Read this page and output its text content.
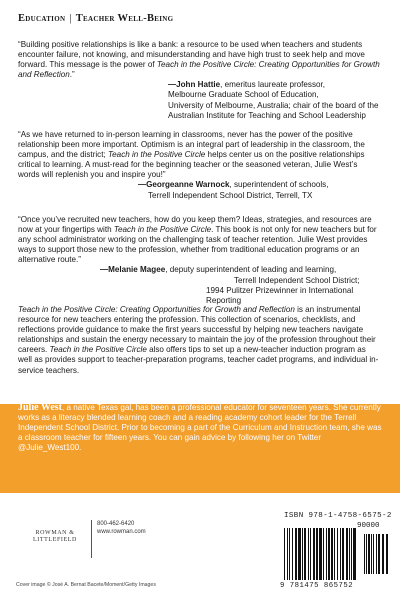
Education | Teacher Well-Being

“Building positive relationships is like a bank: a resource to be used when teachers and students encounter failure, not knowing, and misunderstanding and have high trust to seek help and move forward. This message is the power of Teach in the Positive Circle: Creating Opportunities for Growth and Reflection.”

—John Hattie, emeritus laureate professor,
Melbourne Graduate School of Education,
University of Melbourne, Australia; chair of the board of the
Australian Institute for Teaching and School Leadership

“As we have returned to in-person learning in classrooms, never has the power of the positive relationship been more important. Optimism is an integral part of leadership in the classroom, the campus, and the district; Teach in the Positive Circle helps center us on the positive relationships critical to learning. A must-read for the beginning teacher or the seasoned veteran, Julie West’s words will replenish you and inspire you!”

—Georgeanne Warnock, superintendent of schools,
Terrell Independent School District, Terrell, TX

“Once you’ve recruited new teachers, how do you keep them? Ideas, strategies, and resources are now at your fingertips with Teach in the Positive Circle. This book is not only for new teachers but for any school administrator working on the challenging task of teacher retention. Julie West provides ways to support those new to the profession, whether from traditional education programs or an alternative route.”

—Melanie Magee, deputy superintendent of leading and learning,
Terrell Independent School District;
1994 Pulitzer Prizewinner in International Reporting

Teach in the Positive Circle: Creating Opportunities for Growth and Reflection is an instrumental resource for new teachers entering the profession. This collection of scenarios, checklists, and reflections provide guidance to make the first years successful by helping new teachers navigate relationships and sustain the energy necessary to maintain the joy of the profession throughout their careers. Teach in the Positive Circle also offers tips to set up a new-teacher induction program as well as provides support to teacher-preparation programs, teacher cadet programs, and individual in-service teachers.

Julie West, a native Texas gal, has been a professional educator for seventeen years. She currently works as a literacy blended learning coach and a reading academy cohort leader for the Terrell Independent School District. Prior to becoming a part of the Curriculum and Instruction team, she was a classroom teacher for fifteen years. You can gain advice by following her on Twitter @Julie_West100.

ROWMAN &
LITTLEFIELD
800-462-6420
www.rowman.com
Cover image © José A. Bernat Bacete/Moment/Getty Images
ISBN 978-1-4758-6575-2
90000
9 781475 865752
